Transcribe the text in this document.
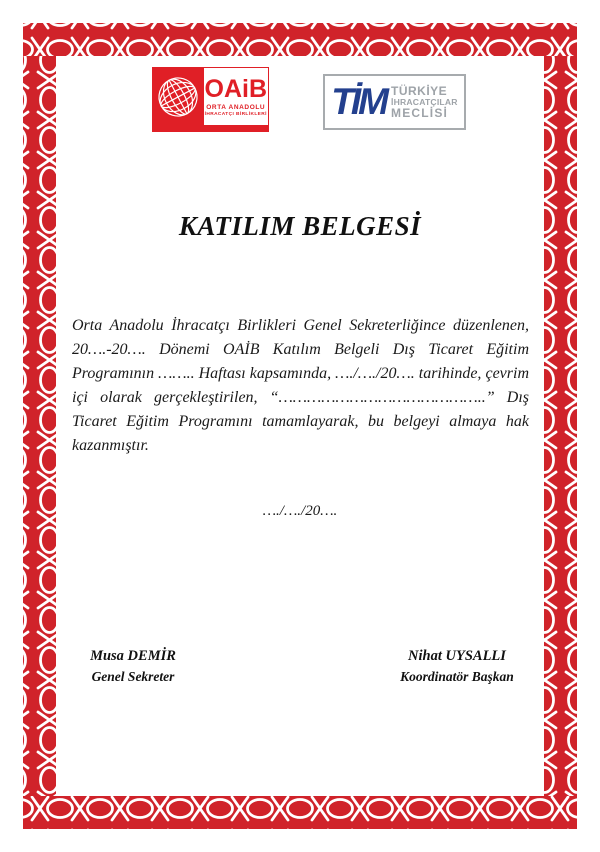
OAiB
ORTA ANADOLU
İHRACATÇI BİRLİKLERİ TİM TÜRKİYE
İHRACATÇILAR
MECLİSİ
KATILIM BELGESİ
Orta Anadolu İhracatçı Birlikleri Genel Sekreterliğince düzenlenen, 20….-20…. Dönemi OAİB Katılım Belgeli Dış Ticaret Eğitim Programının …….. Haftası kapsamında, …./…./20…. tarihinde, çevrim içi olarak gerçekleştirilen, “……………………………………..” Dış Ticaret Eğitim Programını tamamlayarak, bu belgeyi almaya hak kazanmıştır.
…./…./20….
Musa DEMİR
Genel Sekreter
Nihat UYSALLI
Koordinatör Başkan
